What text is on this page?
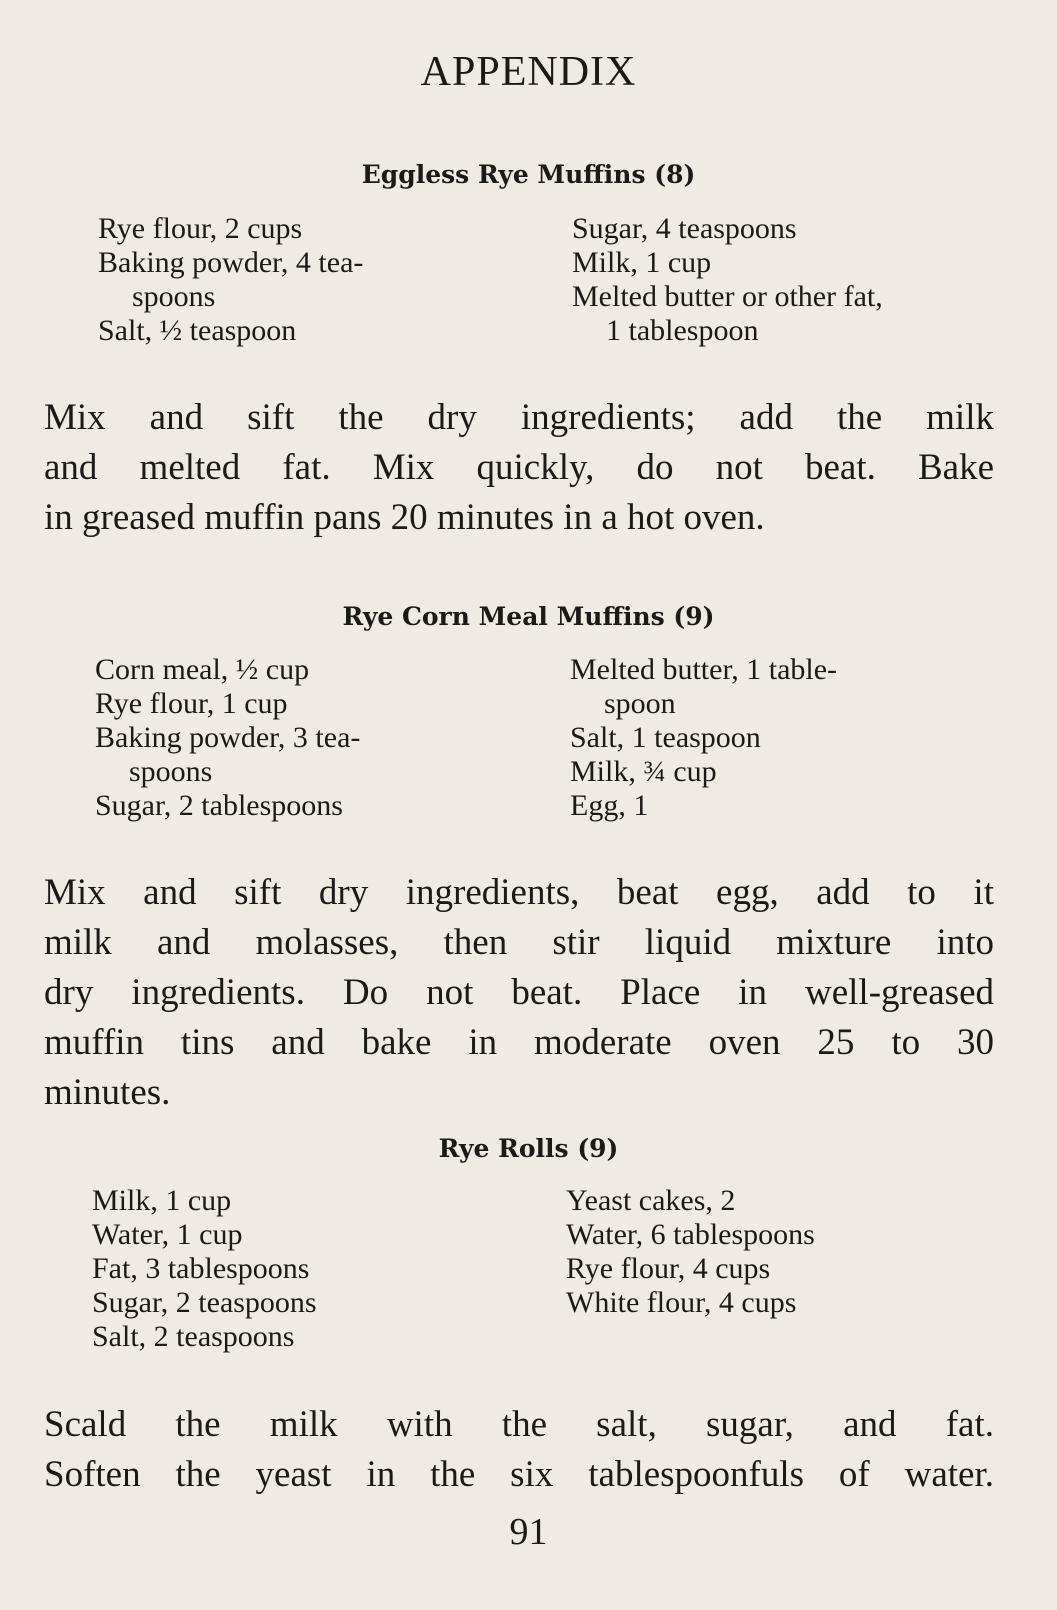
APPENDIX
Eggless Rye Muffins (8)
Rye flour, 2 cups
Baking powder, 4 tea-
spoons
Salt, ½ teaspoon
Sugar, 4 teaspoons
Milk, 1 cup
Melted butter or other fat,
1 tablespoon
Mix and sift the dry ingredients; add the milk
and melted fat. Mix quickly, do not beat. Bake
in greased muffin pans 20 minutes in a hot oven.
Rye Corn Meal Muffins (9)
Corn meal, ½ cup
Rye flour, 1 cup
Baking powder, 3 tea-
spoons
Sugar, 2 tablespoons
Melted butter, 1 table-
spoon
Salt, 1 teaspoon
Milk, ¾ cup
Egg, 1
Mix and sift dry ingredients, beat egg, add to it
milk and molasses, then stir liquid mixture into
dry ingredients. Do not beat. Place in well-greased
muffin tins and bake in moderate oven 25 to 30
minutes.
Rye Rolls (9)
Milk, 1 cup
Water, 1 cup
Fat, 3 tablespoons
Sugar, 2 teaspoons
Salt, 2 teaspoons
Yeast cakes, 2
Water, 6 tablespoons
Rye flour, 4 cups
White flour, 4 cups
Scald the milk with the salt, sugar, and fat.
Soften the yeast in the six tablespoonfuls of water.
91
